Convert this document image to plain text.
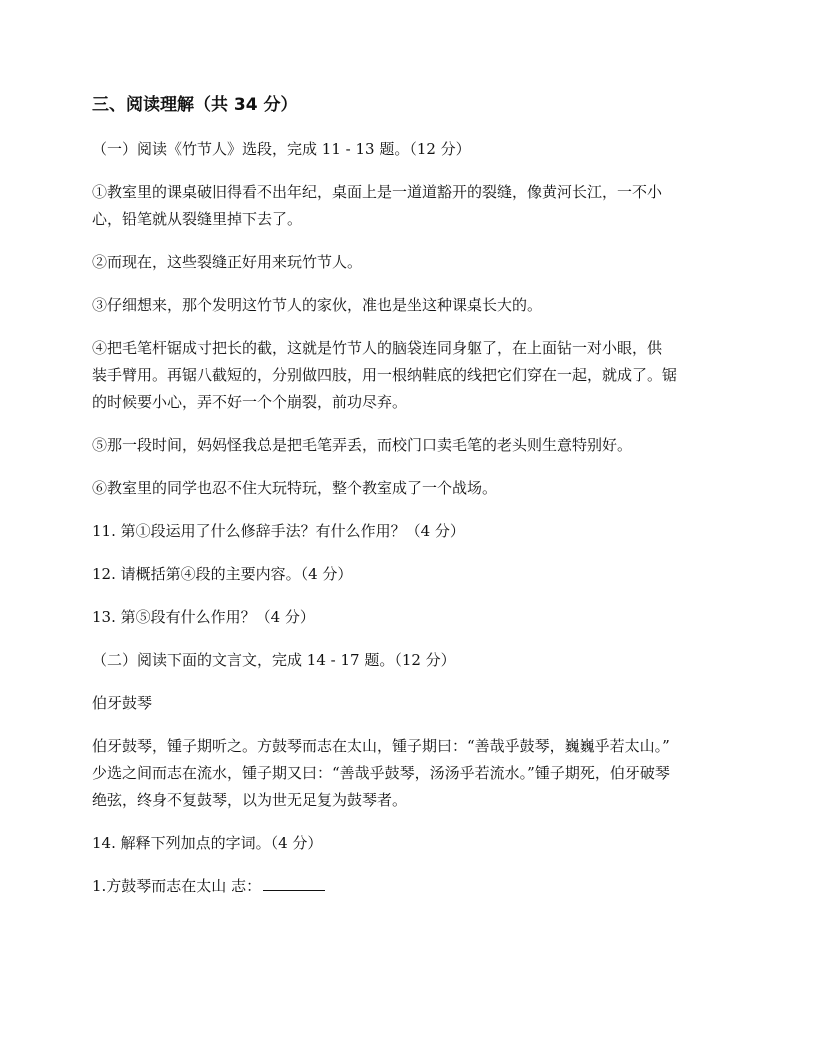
三、阅读理解（共 34 分）

（一）阅读《竹节人》选段，完成 11 - 13 题。（12 分）

①教室里的课桌破旧得看不出年纪，桌面上是一道道豁开的裂缝，像黄河长江，一不小
心，铅笔就从裂缝里掉下去了。

②而现在，这些裂缝正好用来玩竹节人。

③仔细想来，那个发明这竹节人的家伙，准也是坐这种课桌长大的。

④把毛笔杆锯成寸把长的截，这就是竹节人的脑袋连同身躯了，在上面钻一对小眼，供
装手臂用。再锯八截短的，分别做四肢，用一根纳鞋底的线把它们穿在一起，就成了。锯
的时候要小心，弄不好一个个崩裂，前功尽弃。

⑤那一段时间，妈妈怪我总是把毛笔弄丢，而校门口卖毛笔的老头则生意特别好。

⑥教室里的同学也忍不住大玩特玩，整个教室成了一个战场。

11. 第①段运用了什么修辞手法？有什么作用？（4 分）

12. 请概括第④段的主要内容。（4 分）

13. 第⑤段有什么作用？（4 分）

（二）阅读下面的文言文，完成 14 - 17 题。（12 分）

伯牙鼓琴

伯牙鼓琴，锺子期听之。方鼓琴而志在太山，锺子期曰：“善哉乎鼓琴，巍巍乎若太山。”
少选之间而志在流水，锺子期又曰：“善哉乎鼓琴，汤汤乎若流水。”锺子期死，伯牙破琴
绝弦，终身不复鼓琴，以为世无足复为鼓琴者。

14. 解释下列加点的字词。（4 分）

1.方鼓琴而志在太山 志：
